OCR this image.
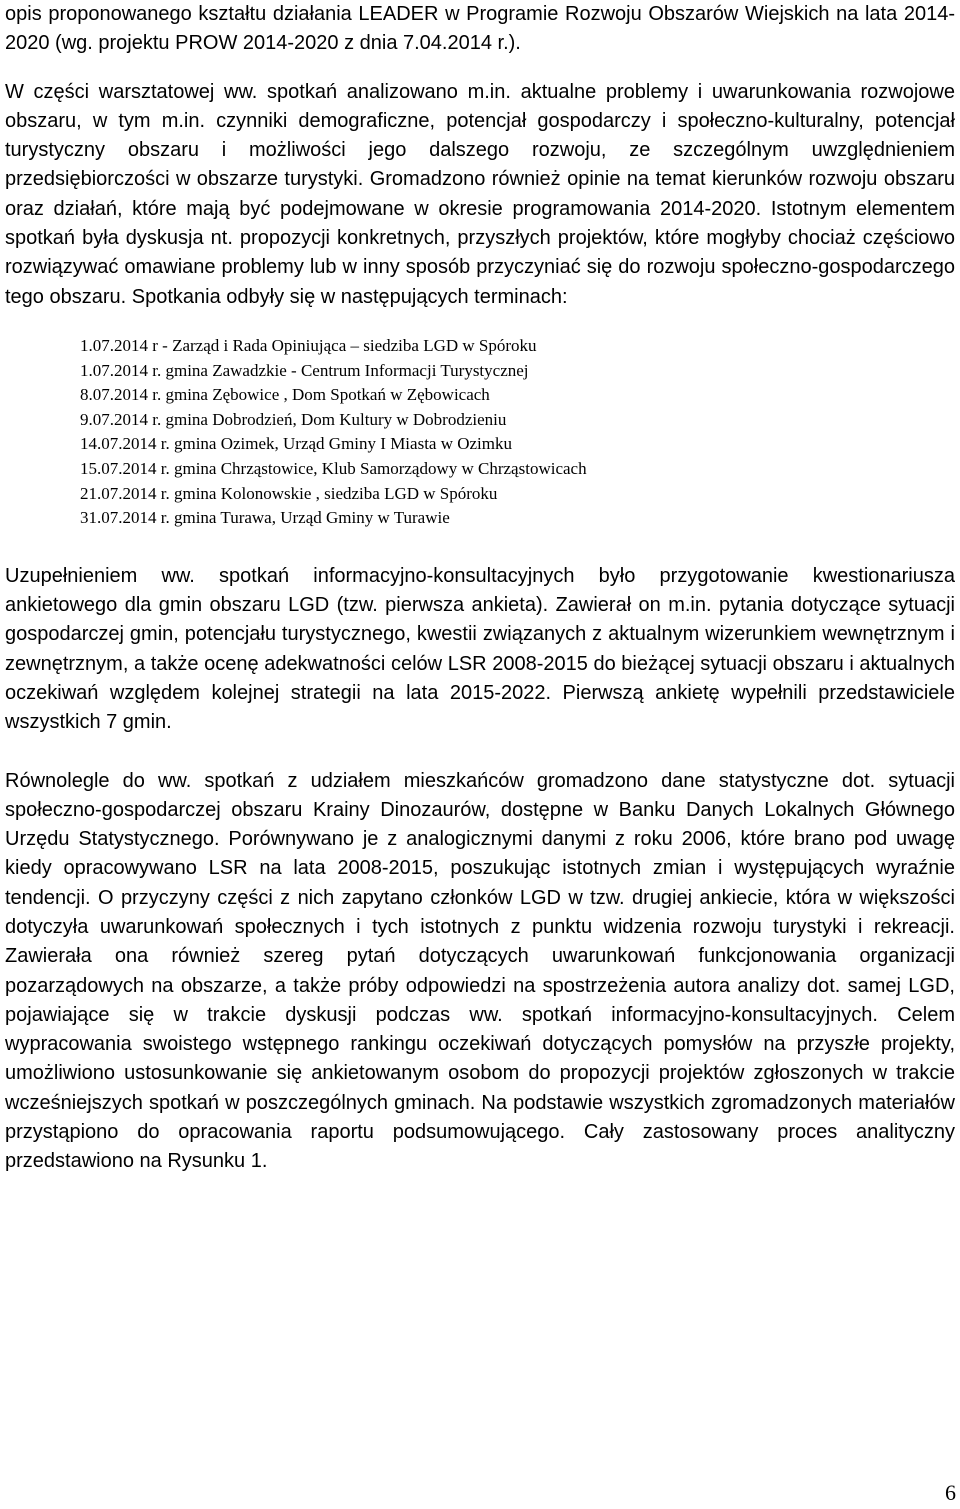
opis proponowanego kształtu działania LEADER w Programie Rozwoju Obszarów Wiejskich na lata 2014-2020 (wg. projektu PROW 2014-2020 z dnia 7.04.2014 r.).

W części warsztatowej ww. spotkań analizowano m.in. aktualne problemy i uwarunkowania rozwojowe obszaru, w tym m.in. czynniki demograficzne, potencjał gospodarczy i społeczno-kulturalny, potencjał turystyczny obszaru i możliwości jego dalszego rozwoju, ze szczególnym uwzględnieniem przedsiębiorczości w obszarze turystyki. Gromadzono również opinie na temat kierunków rozwoju obszaru oraz działań, które mają być podejmowane w okresie programowania 2014-2020. Istotnym elementem spotkań była dyskusja nt. propozycji konkretnych, przyszłych projektów, które mogłyby chociaż częściowo rozwiązywać omawiane problemy lub w inny sposób przyczyniać się do rozwoju społeczno-gospodarczego tego obszaru. Spotkania odbyły się w następujących terminach:

1.07.2014 r - Zarząd i Rada Opiniująca – siedziba LGD w Spóroku
1.07.2014 r. gmina Zawadzkie - Centrum Informacji Turystycznej
8.07.2014 r. gmina Zębowice , Dom Spotkań w Zębowicach
9.07.2014 r. gmina Dobrodzień, Dom Kultury w Dobrodzieniu
14.07.2014 r. gmina Ozimek, Urząd Gminy I Miasta w Ozimku
15.07.2014 r. gmina Chrząstowice, Klub Samorządowy w Chrząstowicach
21.07.2014 r. gmina Kolonowskie , siedziba LGD w Spóroku
31.07.2014 r. gmina Turawa, Urząd Gminy w Turawie

Uzupełnieniem ww. spotkań informacyjno-konsultacyjnych było przygotowanie kwestionariusza ankietowego dla gmin obszaru LGD (tzw. pierwsza ankieta). Zawierał on m.in. pytania dotyczące sytuacji gospodarczej gmin, potencjału turystycznego, kwestii związanych z aktualnym wizerunkiem wewnętrznym i zewnętrznym, a także ocenę adekwatności celów LSR 2008-2015 do bieżącej sytuacji obszaru i aktualnych oczekiwań względem kolejnej strategii na lata 2015-2022. Pierwszą ankietę wypełnili przedstawiciele wszystkich 7 gmin.

Równolegle do ww. spotkań z udziałem mieszkańców gromadzono dane statystyczne dot. sytuacji społeczno-gospodarczej obszaru Krainy Dinozaurów, dostępne w Banku Danych Lokalnych Głównego Urzędu Statystycznego. Porównywano je z analogicznymi danymi z roku 2006, które brano pod uwagę kiedy opracowywano LSR na lata 2008-2015, poszukując istotnych zmian i występujących wyraźnie tendencji. O przyczyny części z nich zapytano członków LGD w tzw. drugiej ankiecie, która w większości dotyczyła uwarunkowań społecznych i tych istotnych z punktu widzenia rozwoju turystyki i rekreacji. Zawierała ona również szereg pytań dotyczących uwarunkowań funkcjonowania organizacji pozarządowych na obszarze, a także próby odpowiedzi na spostrzeżenia autora analizy dot. samej LGD, pojawiające się w trakcie dyskusji podczas ww. spotkań informacyjno-konsultacyjnych. Celem wypracowania swoistego wstępnego rankingu oczekiwań dotyczących pomysłów na przyszłe projekty, umożliwiono ustosunkowanie się ankietowanym osobom do propozycji projektów zgłoszonych w trakcie wcześniejszych spotkań w poszczególnych gminach. Na podstawie wszystkich zgromadzonych materiałów przystąpiono do opracowania raportu podsumowującego. Cały zastosowany proces analityczny przedstawiono na Rysunku 1.

6
